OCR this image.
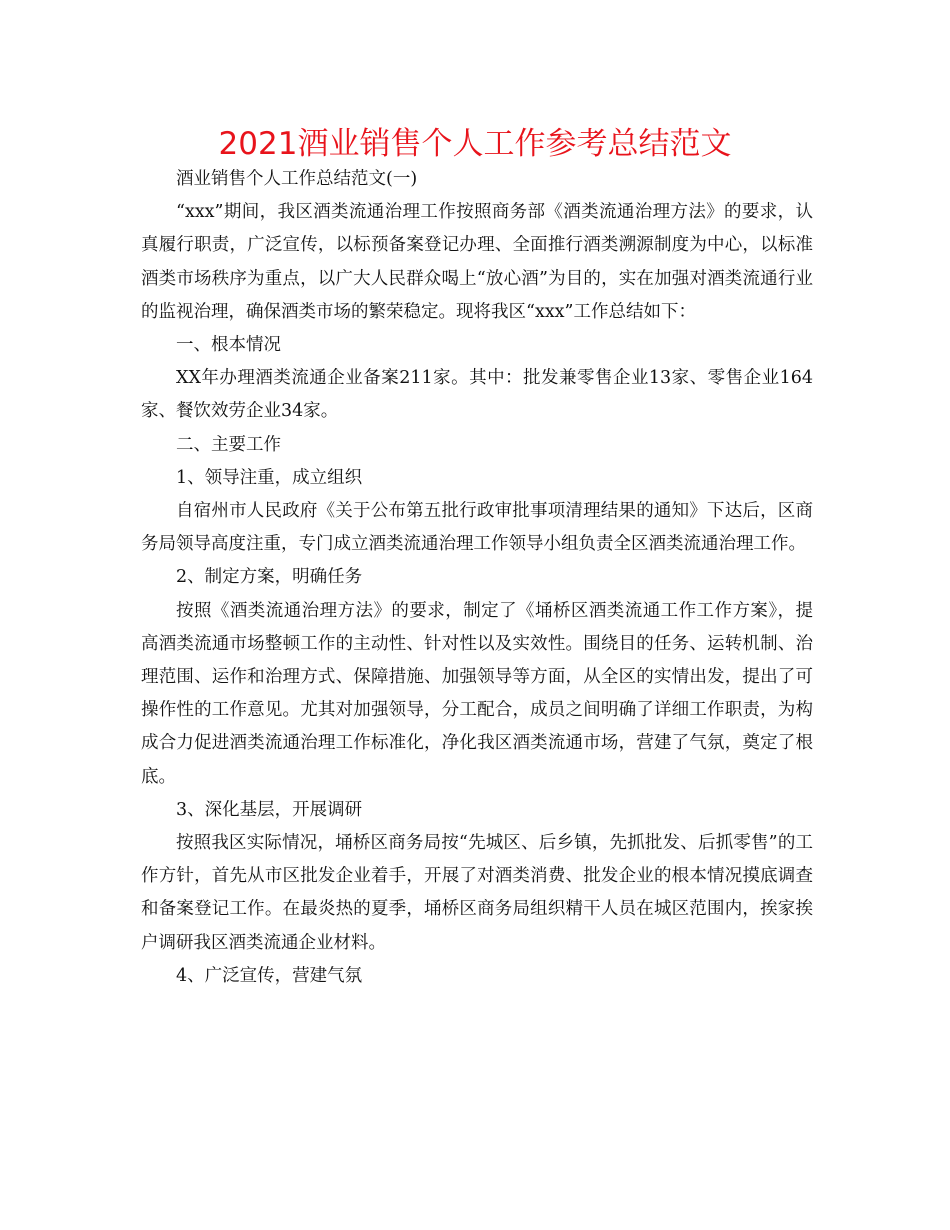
2021酒业销售个人工作参考总结范文

酒业销售个人工作总结范文(一)

“xxx”期间，我区酒类流通治理工作按照商务部《酒类流通治理方法》的要求，认真履行职责，广泛宣传，以标预备案登记办理、全面推行酒类溯源制度为中心，以标准酒类市场秩序为重点，以广大人民群众喝上“放心酒”为目的，实在加强对酒类流通行业的监视治理，确保酒类市场的繁荣稳定。现将我区“xxx”工作总结如下：

一、根本情况

XX年办理酒类流通企业备案211家。其中：批发兼零售企业13家、零售企业164家、餐饮效劳企业34家。

二、主要工作

1、领导注重，成立组织

自宿州市人民政府《关于公布第五批行政审批事项清理结果的通知》下达后，区商务局领导高度注重，专门成立酒类流通治理工作领导小组负责全区酒类流通治理工作。

2、制定方案，明确任务

按照《酒类流通治理方法》的要求，制定了《埇桥区酒类流通工作工作方案》，提高酒类流通市场整顿工作的主动性、针对性以及实效性。围绕目的任务、运转机制、治理范围、运作和治理方式、保障措施、加强领导等方面，从全区的实情出发，提出了可操作性的工作意见。尤其对加强领导，分工配合，成员之间明确了详细工作职责，为构成合力促进酒类流通治理工作标准化，净化我区酒类流通市场，营建了气氛，奠定了根底。

3、深化基层，开展调研

按照我区实际情况，埇桥区商务局按“先城区、后乡镇，先抓批发、后抓零售”的工作方针，首先从市区批发企业着手，开展了对酒类消费、批发企业的根本情况摸底调查和备案登记工作。在最炎热的夏季，埇桥区商务局组织精干人员在城区范围内，挨家挨户调研我区酒类流通企业材料。

4、广泛宣传，营建气氛
